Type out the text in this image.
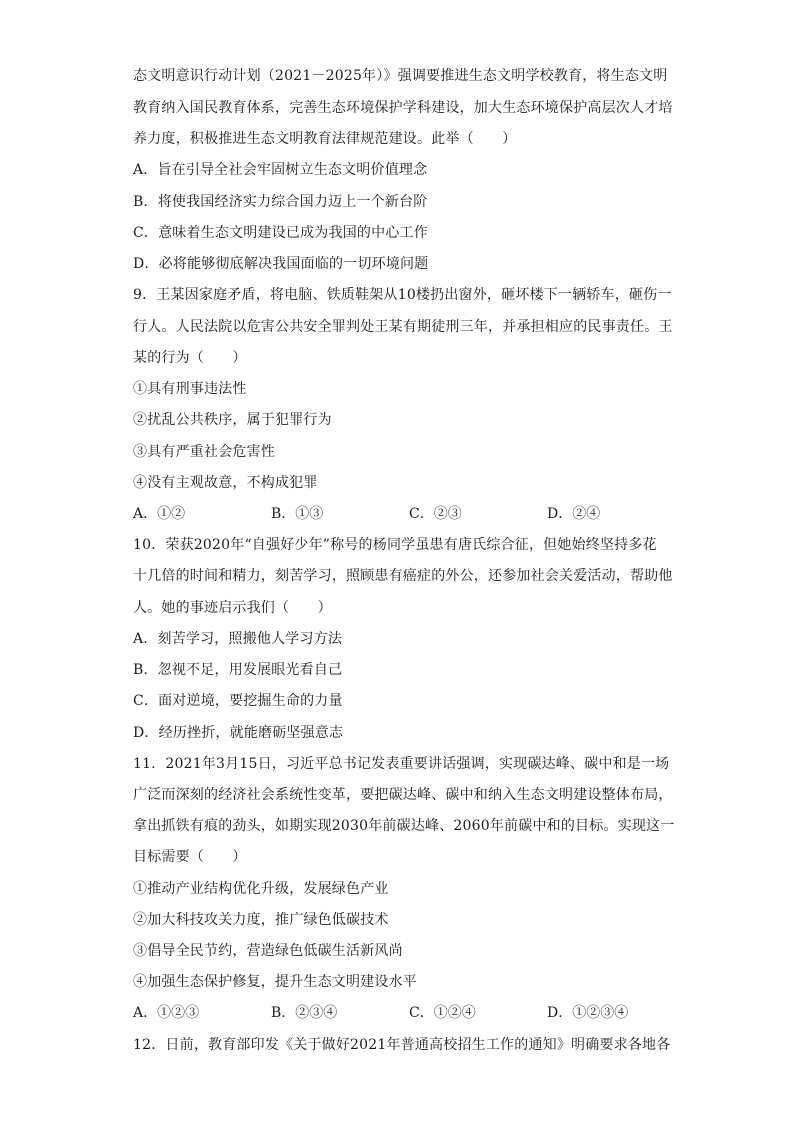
态文明意识行动计划（2021－2025年）》强调要推进生态文明学校教育，将生态文明
教育纳入国民教育体系，完善生态环境保护学科建设，加大生态环境保护高层次人才培
养力度，积极推进生态文明教育法律规范建设。此举（　　）
A．旨在引导全社会牢固树立生态文明价值理念
B．将使我国经济实力综合国力迈上一个新台阶
C．意味着生态文明建设已成为我国的中心工作
D．必将能够彻底解决我国面临的一切环境问题
9．王某因家庭矛盾，将电脑、铁质鞋架从10楼扔出窗外，砸坏楼下一辆轿车，砸伤一
行人。人民法院以危害公共安全罪判处王某有期徒刑三年，并承担相应的民事责任。王
某的行为（　　）
①具有刑事违法性
②扰乱公共秩序，属于犯罪行为
③具有严重社会危害性
④没有主观故意，不构成犯罪
A．①②	B．①③	C．②③	D．②④
10．荣获2020年“自强好少年”称号的杨同学虽患有唐氏综合征，但她始终坚持多花
十几倍的时间和精力，刻苦学习，照顾患有癌症的外公，还参加社会关爱活动，帮助他
人。她的事迹启示我们（　　）
A．刻苦学习，照搬他人学习方法
B．忽视不足，用发展眼光看自己
C．面对逆境，要挖掘生命的力量
D．经历挫折，就能磨砺坚强意志
11．2021年3月15日，习近平总书记发表重要讲话强调，实现碳达峰、碳中和是一场
广泛而深刻的经济社会系统性变革，要把碳达峰、碳中和纳入生态文明建设整体布局，
拿出抓铁有痕的劲头，如期实现2030年前碳达峰、2060年前碳中和的目标。实现这一
目标需要（　　）
①推动产业结构优化升级，发展绿色产业
②加大科技攻关力度，推广绿色低碳技术
③倡导全民节约，营造绿色低碳生活新风尚
④加强生态保护修复，提升生态文明建设水平
A．①②③	B．②③④	C．①②④	D．①②③④
12．日前，教育部印发《关于做好2021年普通高校招生工作的通知》明确要求各地各
